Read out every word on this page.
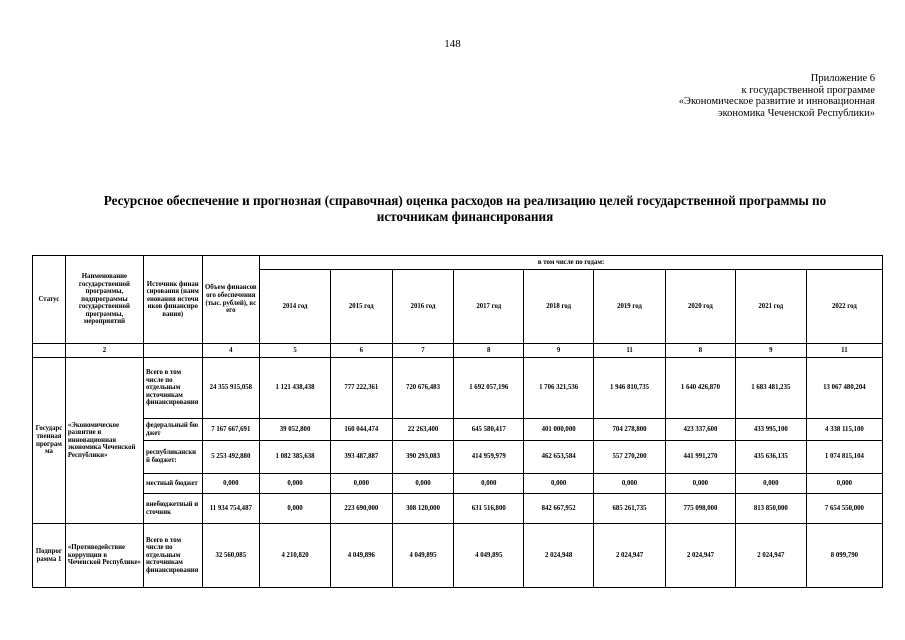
148
Приложение 6
к государственной программе
«Экономическое развитие и инновационная
экономика Чеченской Республики»
Ресурсное обеспечение и прогнозная (справочная) оценка расходов на реализацию целей государственной программы по
источникам финансирования
Статус	Наименование государственной программы, подпрограммы государственной программы, мероприятий	Источник финансирования (наименования источников финансирования)	Объем финансового обеспечения (тыс. рублей), всего	в том числе по годам:								
				2014 год	2015 год	2016 год	2017 год	2018 год	2019 год	2020 год	2021 год	2022 год
	2		4	5	6	7	8	9	11	8	9	11
Государственная программа	«Экономическое развитие и инновационная экономика Чеченской Республики»	Всего в том числе по отдельным источникам финансирования	24 355 915,058	1 121 438,438	777 222,361	720 676,483	1 692 057,196	1 706 321,536	1 946 810,735	1 640 426,870	1 683 481,235	13 067 480,204
		федеральный бюджет	7 167 667,691	39 052,800	160 044,474	22 263,400	645 580,417	401 000,000	704 278,800	423 337,600	433 995,100	4 338 115,100
		республиканский бюджет:	5 253 492,880	1 082 385,638	393 487,887	390 293,083	414 959,979	462 653,584	557 270,200	441 991,270	435 636,135	1 074 815,104
		местный бюджет	0,000	0,000	0,000	0,000	0,000	0,000	0,000	0,000	0,000	0,000
		внебюджетный источник	11 934 754,487	0,000	223 690,000	308 120,000	631 516,800	842 667,952	685 261,735	775 098,000	813 850,000	7 654 550,000
Подпрограмма 1	«Противодействие коррупции в Чеченской Республике»	Всего в том числе по отдельным источникам финансирования	32 560,085	4 210,820	4 049,896	4 049,895	4 049,895	2 024,948	2 024,947	2 024,947	2 024,947	8 099,790
